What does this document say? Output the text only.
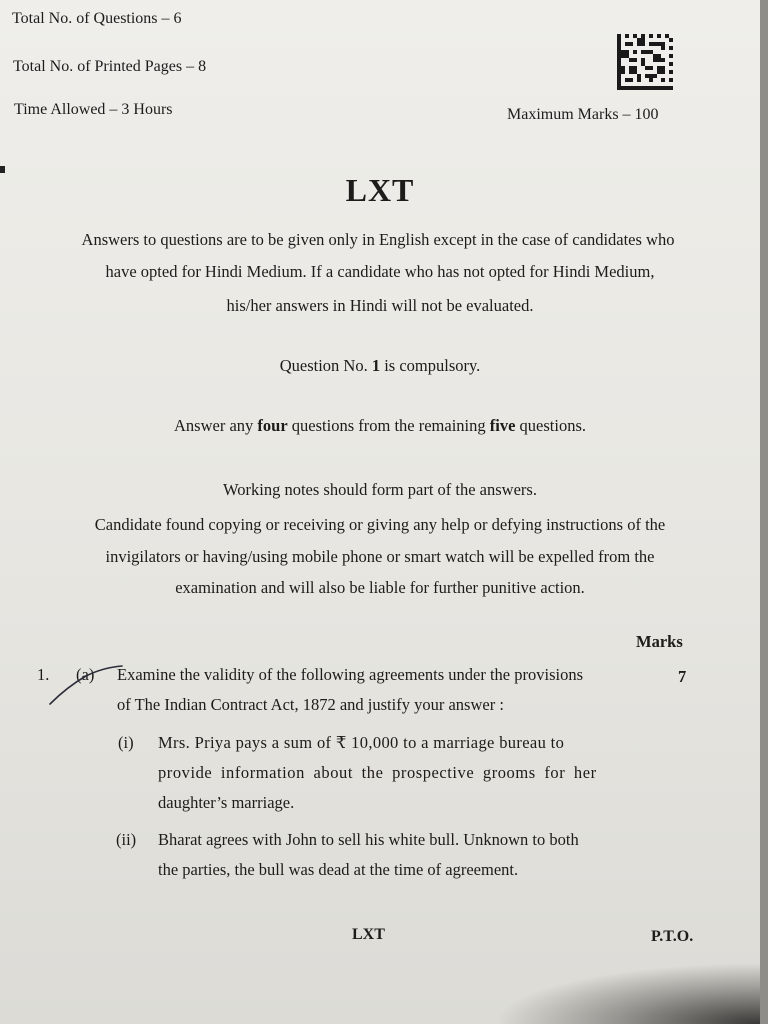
Total No. of Questions – 6
Total No. of Printed Pages – 8
Time Allowed – 3 Hours	Maximum Marks – 100
LXT
Answers to questions are to be given only in English except in the case of candidates who
have opted for Hindi Medium. If a candidate who has not opted for Hindi Medium,
his/her answers in Hindi will not be evaluated.
Question No. 1 is compulsory.
Answer any four questions from the remaining five questions.
Working notes should form part of the answers.
Candidate found copying or receiving or giving any help or defying instructions of the
invigilators or having/using mobile phone or smart watch will be expelled from the
examination and will also be liable for further punitive action.
Marks
1. (a) Examine the validity of the following agreements under the provisions
of The Indian Contract Act, 1872 and justify your answer :
7
(i) Mrs. Priya pays a sum of ₹ 10,000 to a marriage bureau to
provide information about the prospective grooms for her
daughter’s marriage.
(ii) Bharat agrees with John to sell his white bull. Unknown to both
the parties, the bull was dead at the time of agreement.
LXT	P.T.O.
